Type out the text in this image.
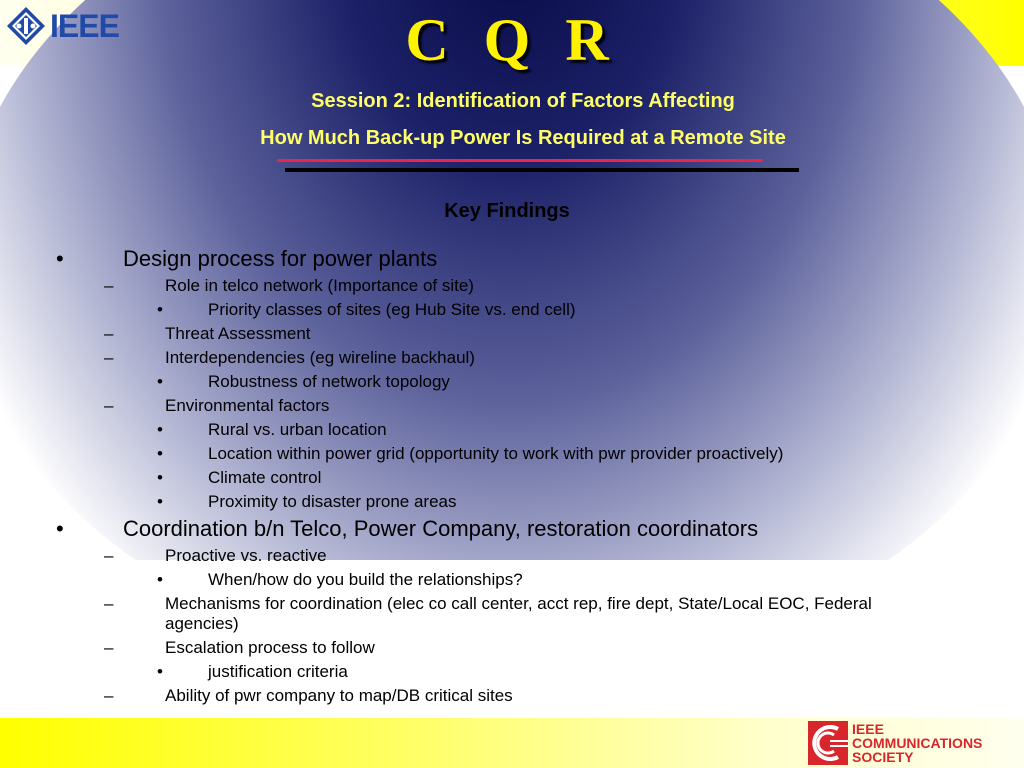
IEEE	C Q R
Session 2: Identification of Factors Affecting
How Much Back-up Power Is Required at a Remote Site
Key Findings
•	Design process for power plants
–	Role in telco network (Importance of site)
•	Priority classes of sites (eg Hub Site vs. end cell)
–	Threat Assessment
–	Interdependencies (eg wireline backhaul)
•	Robustness of network topology
–	Environmental factors
•	Rural vs. urban location
•	Location within power grid (opportunity to work with pwr provider proactively)
•	Climate control
•	Proximity to disaster prone areas
•	Coordination b/n Telco, Power Company, restoration coordinators
–	Proactive vs. reactive
•	When/how do you build the relationships?
–	Mechanisms for coordination (elec co call center, acct rep, fire dept, State/Local EOC, Federal agencies)
–	Escalation process to follow
•	justification criteria
–	Ability of pwr company to map/DB critical sites
IEEE
COMMUNICATIONS
SOCIETY
